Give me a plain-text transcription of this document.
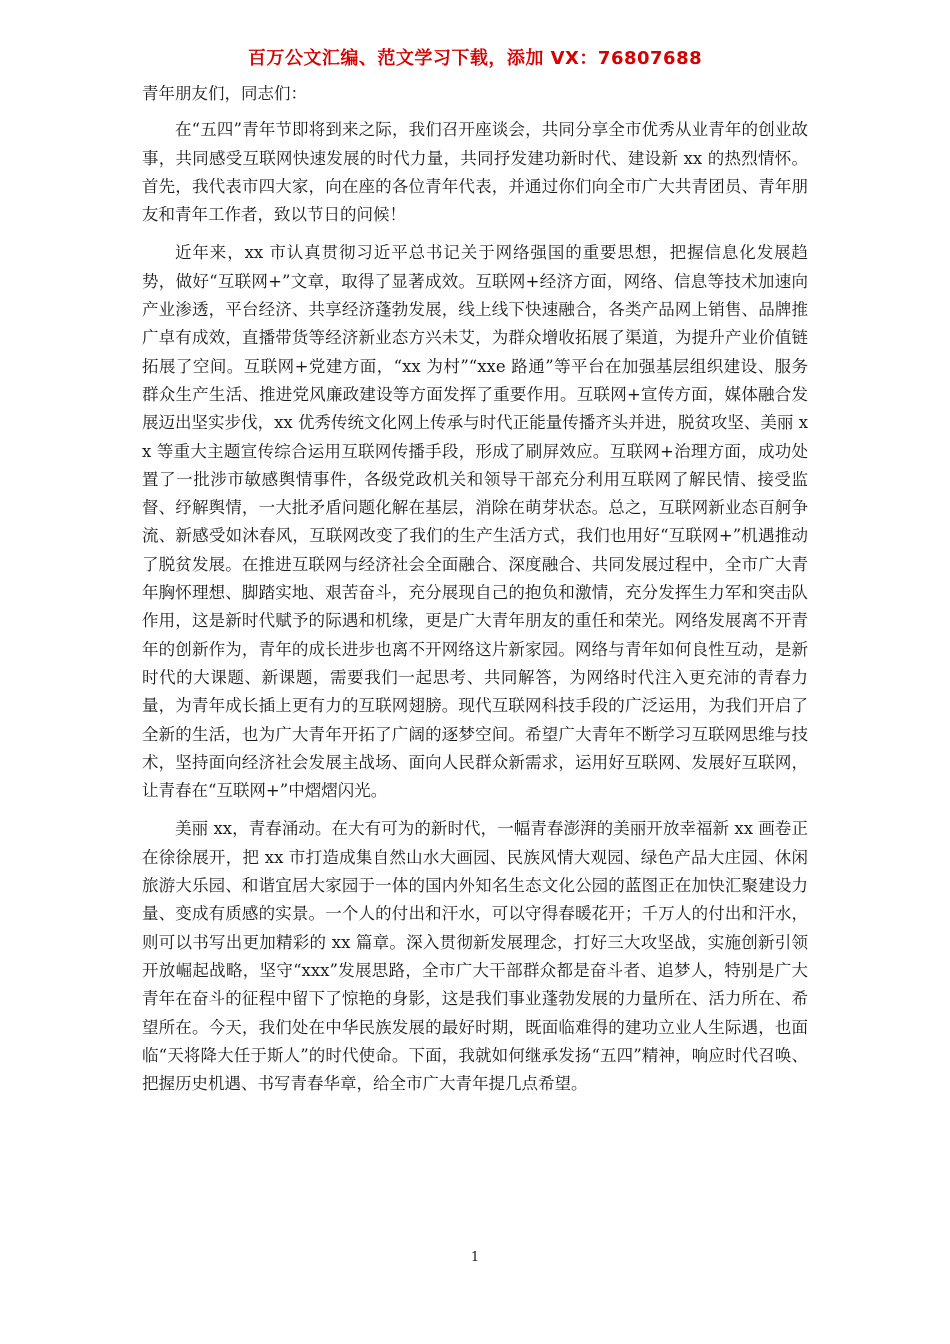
百万公文汇编、范文学习下载，添加 VX：76807688
青年朋友们，同志们：

在“五四”青年节即将到来之际，我们召开座谈会，共同分享全市优秀从业青年的创业故事，共同感受互联网快速发展的时代力量，共同抒发建功新时代、建设新 xx 的热烈情怀。首先，我代表市四大家，向在座的各位青年代表，并通过你们向全市广大共青团员、青年朋友和青年工作者，致以节日的问候！

近年来，xx 市认真贯彻习近平总书记关于网络强国的重要思想，把握信息化发展趋势，做好“互联网+”文章，取得了显著成效。互联网+经济方面，网络、信息等技术加速向产业渗透，平台经济、共享经济蓬勃发展，线上线下快速融合，各类产品网上销售、品牌推广卓有成效，直播带货等经济新业态方兴未艾，为群众增收拓展了渠道，为提升产业价值链拓展了空间。互联网+党建方面，“xx 为村”“xxe 路通”等平台在加强基层组织建设、服务群众生产生活、推进党风廉政建设等方面发挥了重要作用。互联网+宣传方面，媒体融合发展迈出坚实步伐，xx 优秀传统文化网上传承与时代正能量传播齐头并进，脱贫攻坚、美丽 xx 等重大主题宣传综合运用互联网传播手段，形成了刷屏效应。互联网+治理方面，成功处置了一批涉市敏感舆情事件，各级党政机关和领导干部充分利用互联网了解民情、接受监督、纾解舆情，一大批矛盾问题化解在基层，消除在萌芽状态。总之，互联网新业态百舸争流、新感受如沐春风，互联网改变了我们的生产生活方式，我们也用好“互联网+”机遇推动了脱贫发展。在推进互联网与经济社会全面融合、深度融合、共同发展过程中，全市广大青年胸怀理想、脚踏实地、艰苦奋斗，充分展现自己的抱负和激情，充分发挥生力军和突击队作用，这是新时代赋予的际遇和机缘，更是广大青年朋友的重任和荣光。网络发展离不开青年的创新作为，青年的成长进步也离不开网络这片新家园。网络与青年如何良性互动，是新时代的大课题、新课题，需要我们一起思考、共同解答，为网络时代注入更充沛的青春力量，为青年成长插上更有力的互联网翅膀。现代互联网科技手段的广泛运用，为我们开启了全新的生活，也为广大青年开拓了广阔的逐梦空间。希望广大青年不断学习互联网思维与技术，坚持面向经济社会发展主战场、面向人民群众新需求，运用好互联网、发展好互联网，让青春在“互联网+”中熠熠闪光。

美丽 xx，青春涌动。在大有可为的新时代，一幅青春澎湃的美丽开放幸福新 xx 画卷正在徐徐展开，把 xx 市打造成集自然山水大画园、民族风情大观园、绿色产品大庄园、休闲旅游大乐园、和谐宜居大家园于一体的国内外知名生态文化公园的蓝图正在加快汇聚建设力量、变成有质感的实景。一个人的付出和汗水，可以守得春暖花开；千万人的付出和汗水，则可以书写出更加精彩的 xx 篇章。深入贯彻新发展理念，打好三大攻坚战，实施创新引领开放崛起战略，坚守“xxx”发展思路，全市广大干部群众都是奋斗者、追梦人，特别是广大青年在奋斗的征程中留下了惊艳的身影，这是我们事业蓬勃发展的力量所在、活力所在、希望所在。今天，我们处在中华民族发展的最好时期，既面临难得的建功立业人生际遇，也面临“天将降大任于斯人”的时代使命。下面，我就如何继承发扬“五四”精神，响应时代召唤、把握历史机遇、书写青春华章，给全市广大青年提几点希望。

1
